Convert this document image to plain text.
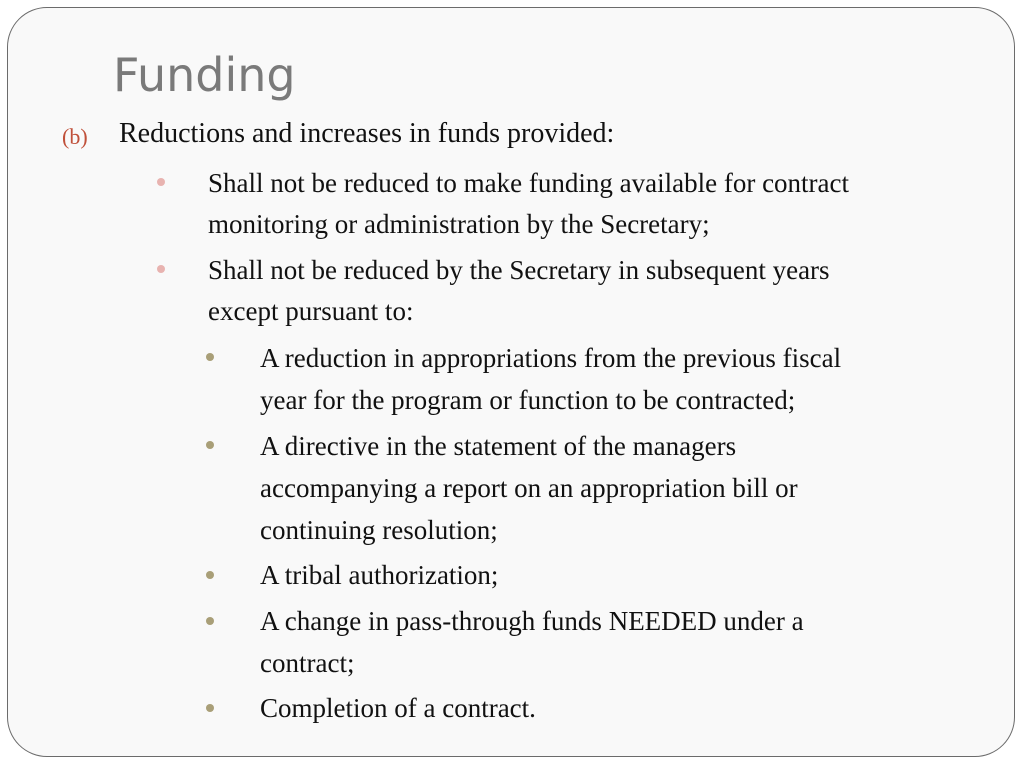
Funding
(b) Reductions and increases in funds provided:
Shall not be reduced to make funding available for contract
monitoring or administration by the Secretary;
Shall not be reduced by the Secretary in subsequent years
except pursuant to:
A reduction in appropriations from the previous fiscal
year for the program or function to be contracted;
A directive in the statement of the managers
accompanying a report on an appropriation bill or
continuing resolution;
A tribal authorization;
A change in pass-through funds NEEDED under a
contract;
Completion of a contract.
